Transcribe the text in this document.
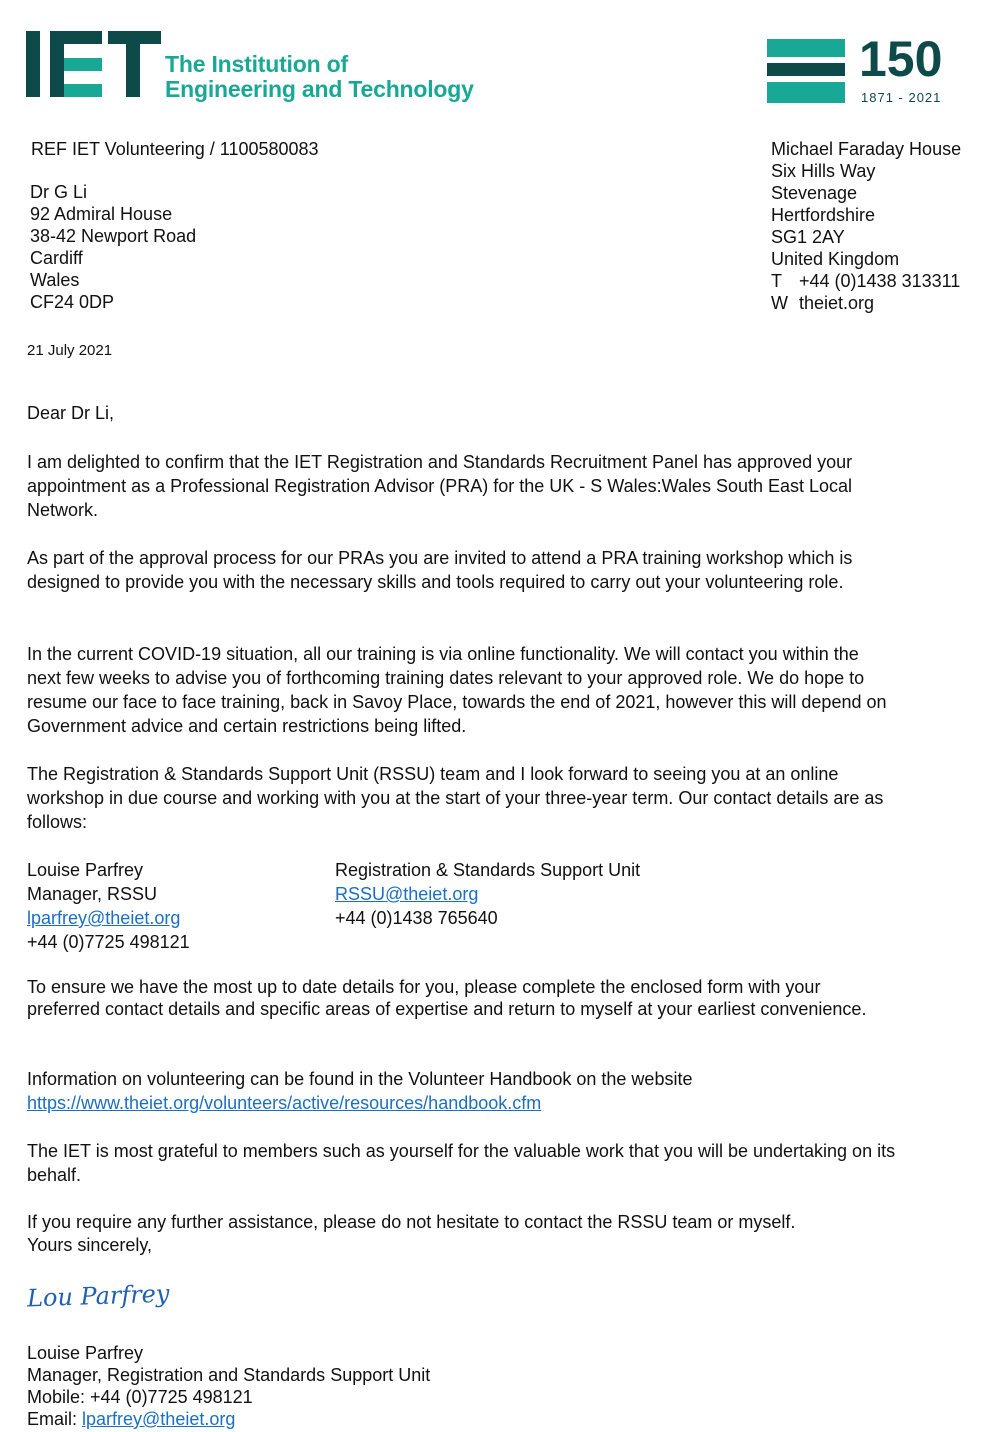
The Institution of
Engineering and Technology
150
1871 - 2021
REF IET Volunteering / 1100580083
Dr G Li
92 Admiral House
38-42 Newport Road
Cardiff
Wales
CF24 0DP
Michael Faraday House
Six Hills Way
Stevenage
Hertfordshire
SG1 2AY
United Kingdom
T +44 (0)1438 313311
W theiet.org
21 July 2021
Dear Dr Li,
I am delighted to confirm that the IET Registration and Standards Recruitment Panel has approved your appointment as a Professional Registration Advisor (PRA) for the UK - S Wales:Wales South East Local Network.
As part of the approval process for our PRAs you are invited to attend a PRA training workshop which is designed to provide you with the necessary skills and tools required to carry out your volunteering role.
In the current COVID-19 situation, all our training is via online functionality. We will contact you within the next few weeks to advise you of forthcoming training dates relevant to your approved role. We do hope to resume our face to face training, back in Savoy Place, towards the end of 2021, however this will depend on Government advice and certain restrictions being lifted.
The Registration & Standards Support Unit (RSSU) team and I look forward to seeing you at an online workshop in due course and working with you at the start of your three-year term. Our contact details are as follows:
Louise Parfrey
Manager, RSSU
lparfrey@theiet.org
+44 (0)7725 498121
Registration & Standards Support Unit
RSSU@theiet.org
+44 (0)1438 765640
To ensure we have the most up to date details for you, please complete the enclosed form with your preferred contact details and specific areas of expertise and return to myself at your earliest convenience.
Information on volunteering can be found in the Volunteer Handbook on the website
https://www.theiet.org/volunteers/active/resources/handbook.cfm
The IET is most grateful to members such as yourself for the valuable work that you will be undertaking on its behalf.
If you require any further assistance, please do not hesitate to contact the RSSU team or myself.
Yours sincerely,
Lou Parfrey
Louise Parfrey
Manager, Registration and Standards Support Unit
Mobile: +44 (0)7725 498121
Email: lparfrey@theiet.org
